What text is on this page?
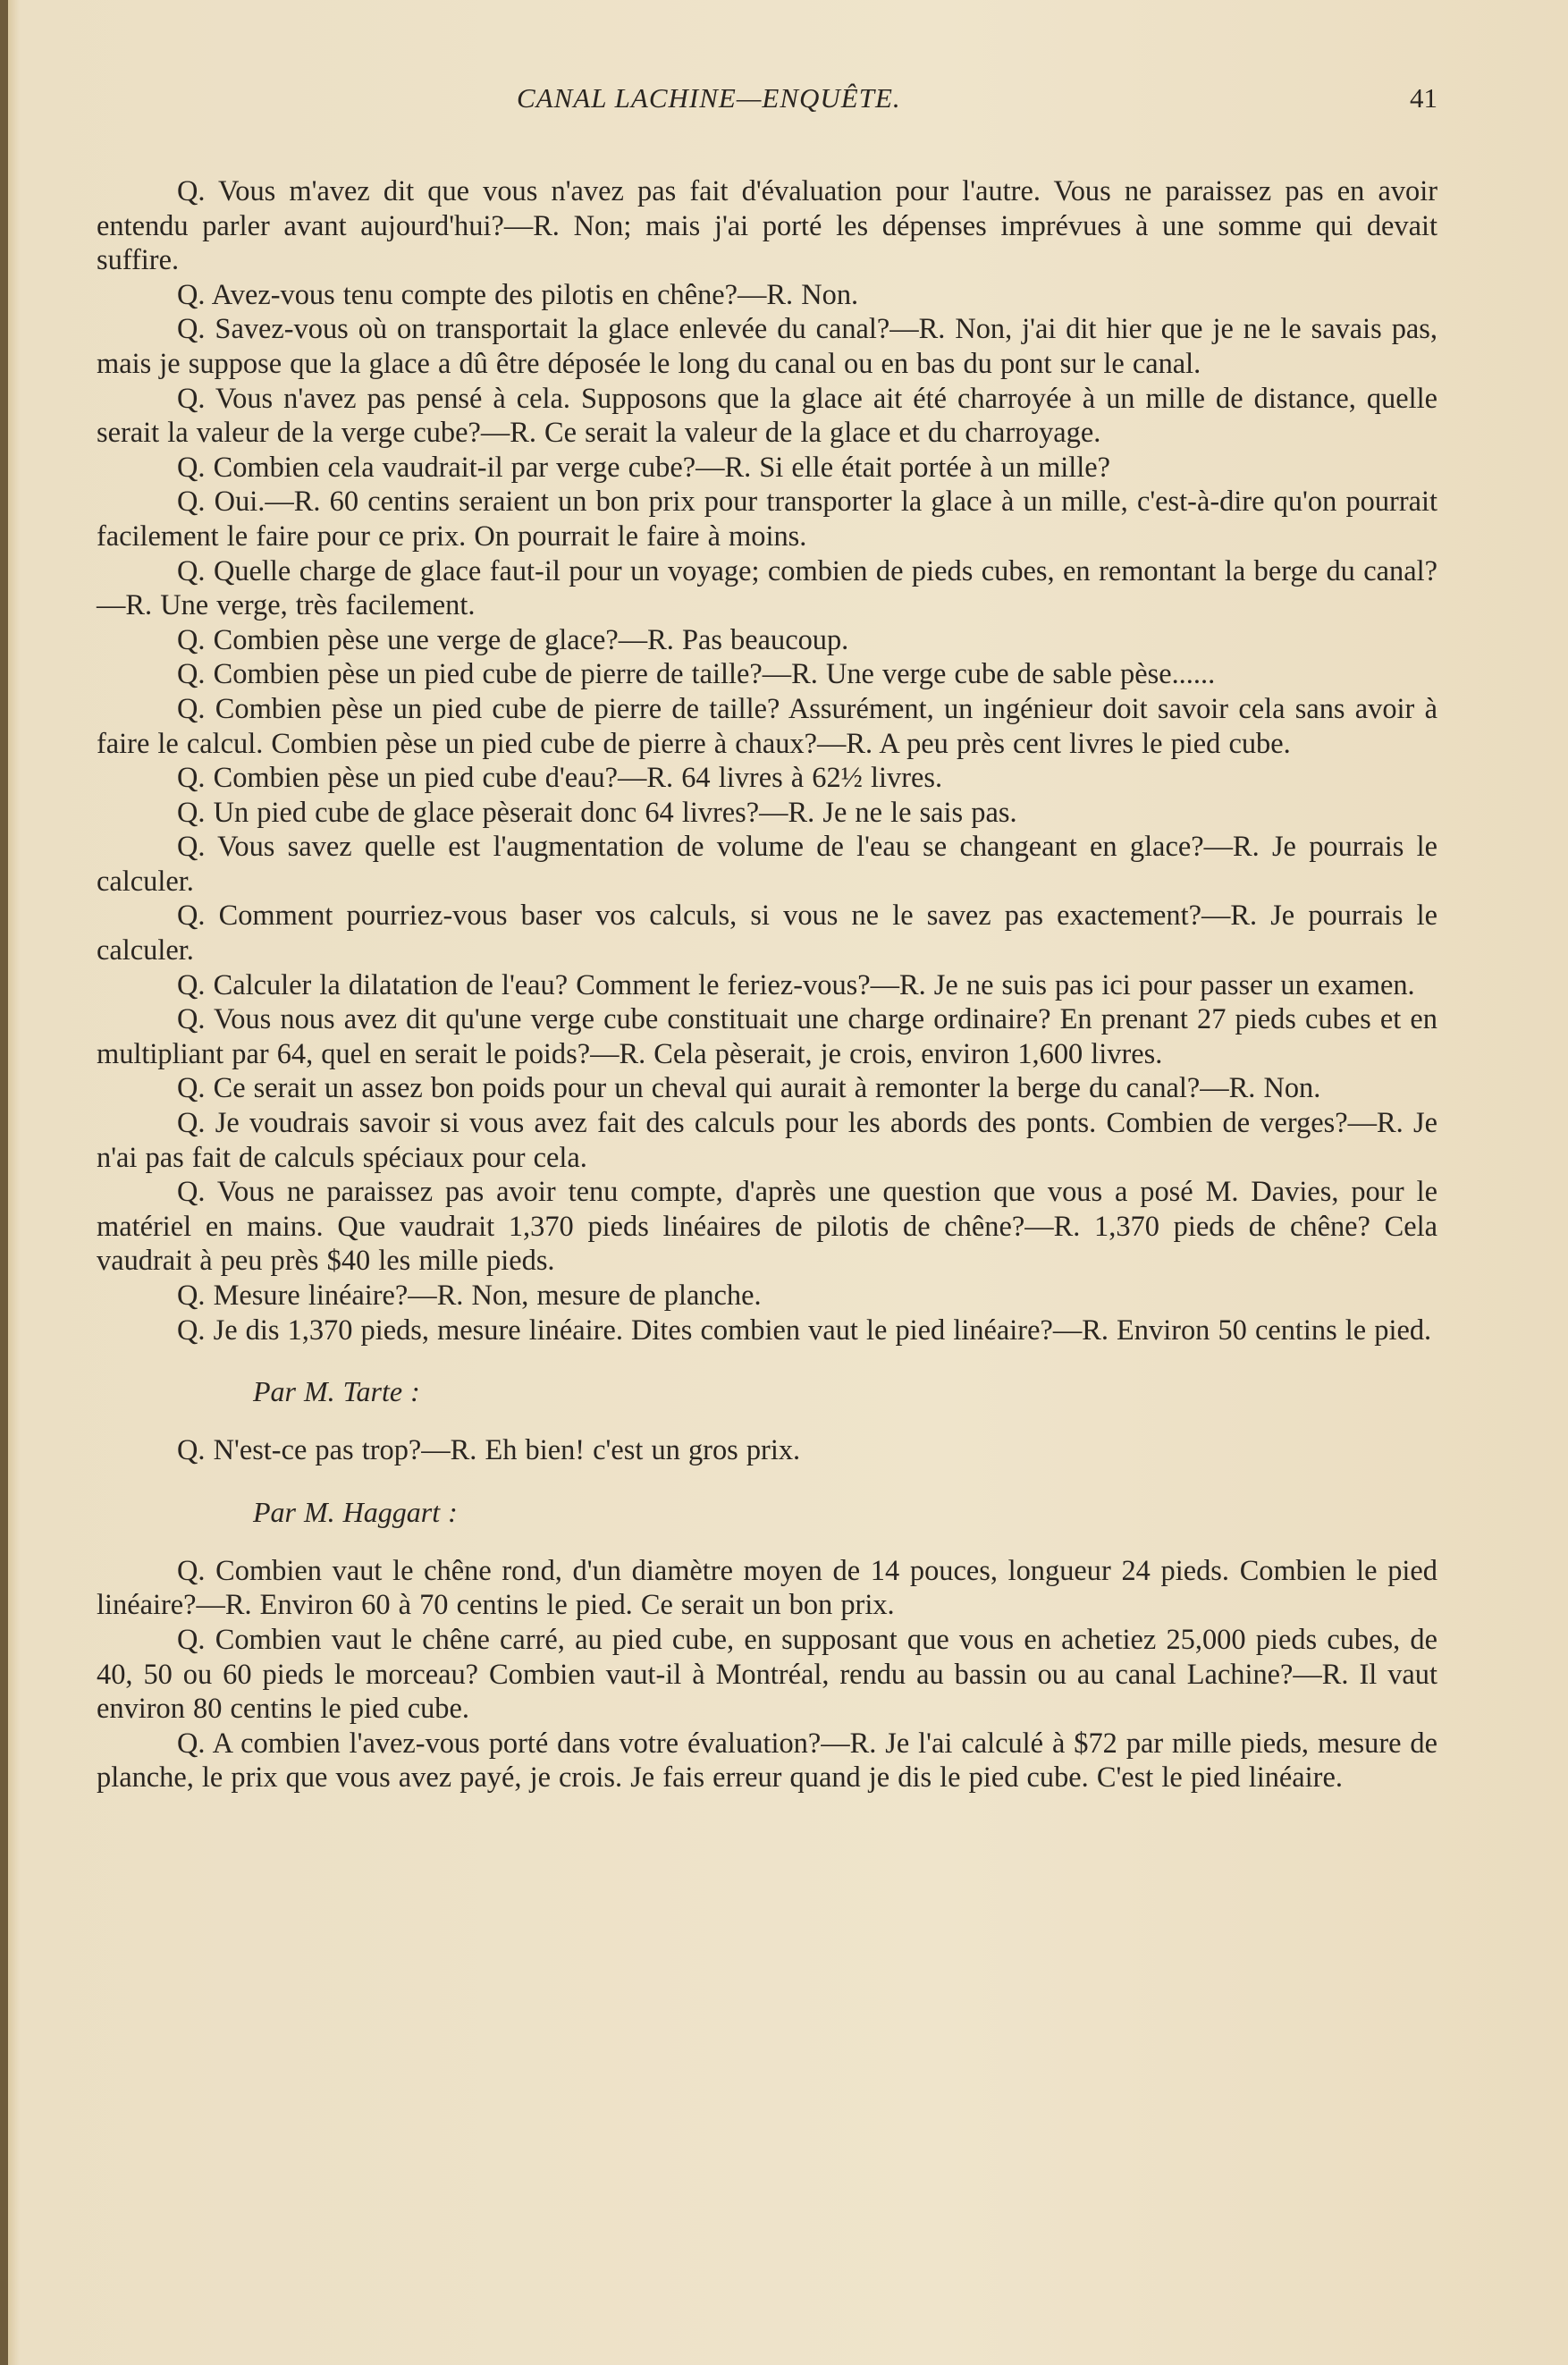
CANAL LACHINE—ENQUÊTE.	41

Q. Vous m'avez dit que vous n'avez pas fait d'évaluation pour l'autre. Vous ne paraissez pas en avoir entendu parler avant aujourd'hui?—R. Non; mais j'ai porté les dépenses imprévues à une somme qui devait suffire.

Q. Avez-vous tenu compte des pilotis en chêne?—R. Non.

Q. Savez-vous où on transportait la glace enlevée du canal?—R. Non, j'ai dit hier que je ne le savais pas, mais je suppose que la glace a dû être déposée le long du canal ou en bas du pont sur le canal.

Q. Vous n'avez pas pensé à cela. Supposons que la glace ait été charroyée à un mille de distance, quelle serait la valeur de la verge cube?—R. Ce serait la valeur de la glace et du charroyage.

Q. Combien cela vaudrait-il par verge cube?—R. Si elle était portée à un mille?

Q. Oui.—R. 60 centins seraient un bon prix pour transporter la glace à un mille, c'est-à-dire qu'on pourrait facilement le faire pour ce prix. On pourrait le faire à moins.

Q. Quelle charge de glace faut-il pour un voyage; combien de pieds cubes, en remontant la berge du canal?—R. Une verge, très facilement.

Q. Combien pèse une verge de glace?—R. Pas beaucoup.

Q. Combien pèse un pied cube de pierre de taille?—R. Une verge cube de sable pèse......

Q. Combien pèse un pied cube de pierre de taille? Assurément, un ingénieur doit savoir cela sans avoir à faire le calcul. Combien pèse un pied cube de pierre à chaux?—R. A peu près cent livres le pied cube.

Q. Combien pèse un pied cube d'eau?—R. 64 livres à 62½ livres.

Q. Un pied cube de glace pèserait donc 64 livres?—R. Je ne le sais pas.

Q. Vous savez quelle est l'augmentation de volume de l'eau se changeant en glace?—R. Je pourrais le calculer.

Q. Comment pourriez-vous baser vos calculs, si vous ne le savez pas exactement?—R. Je pourrais le calculer.

Q. Calculer la dilatation de l'eau? Comment le feriez-vous?—R. Je ne suis pas ici pour passer un examen.

Q. Vous nous avez dit qu'une verge cube constituait une charge ordinaire? En prenant 27 pieds cubes et en multipliant par 64, quel en serait le poids?—R. Cela pèserait, je crois, environ 1,600 livres.

Q. Ce serait un assez bon poids pour un cheval qui aurait à remonter la berge du canal?—R. Non.

Q. Je voudrais savoir si vous avez fait des calculs pour les abords des ponts. Combien de verges?—R. Je n'ai pas fait de calculs spéciaux pour cela.

Q. Vous ne paraissez pas avoir tenu compte, d'après une question que vous a posé M. Davies, pour le matériel en mains. Que vaudrait 1,370 pieds linéaires de pilotis de chêne?—R. 1,370 pieds de chêne? Cela vaudrait à peu près $40 les mille pieds.

Q. Mesure linéaire?—R. Non, mesure de planche.

Q. Je dis 1,370 pieds, mesure linéaire. Dites combien vaut le pied linéaire?—R. Environ 50 centins le pied.

Par M. Tarte :

Q. N'est-ce pas trop?—R. Eh bien! c'est un gros prix.

Par M. Haggart :

Q. Combien vaut le chêne rond, d'un diamètre moyen de 14 pouces, longueur 24 pieds. Combien le pied linéaire?—R. Environ 60 à 70 centins le pied. Ce serait un bon prix.

Q. Combien vaut le chêne carré, au pied cube, en supposant que vous en achetiez 25,000 pieds cubes, de 40, 50 ou 60 pieds le morceau? Combien vaut-il à Montréal, rendu au bassin ou au canal Lachine?—R. Il vaut environ 80 centins le pied cube.

Q. A combien l'avez-vous porté dans votre évaluation?—R. Je l'ai calculé à $72 par mille pieds, mesure de planche, le prix que vous avez payé, je crois. Je fais erreur quand je dis le pied cube. C'est le pied linéaire.
